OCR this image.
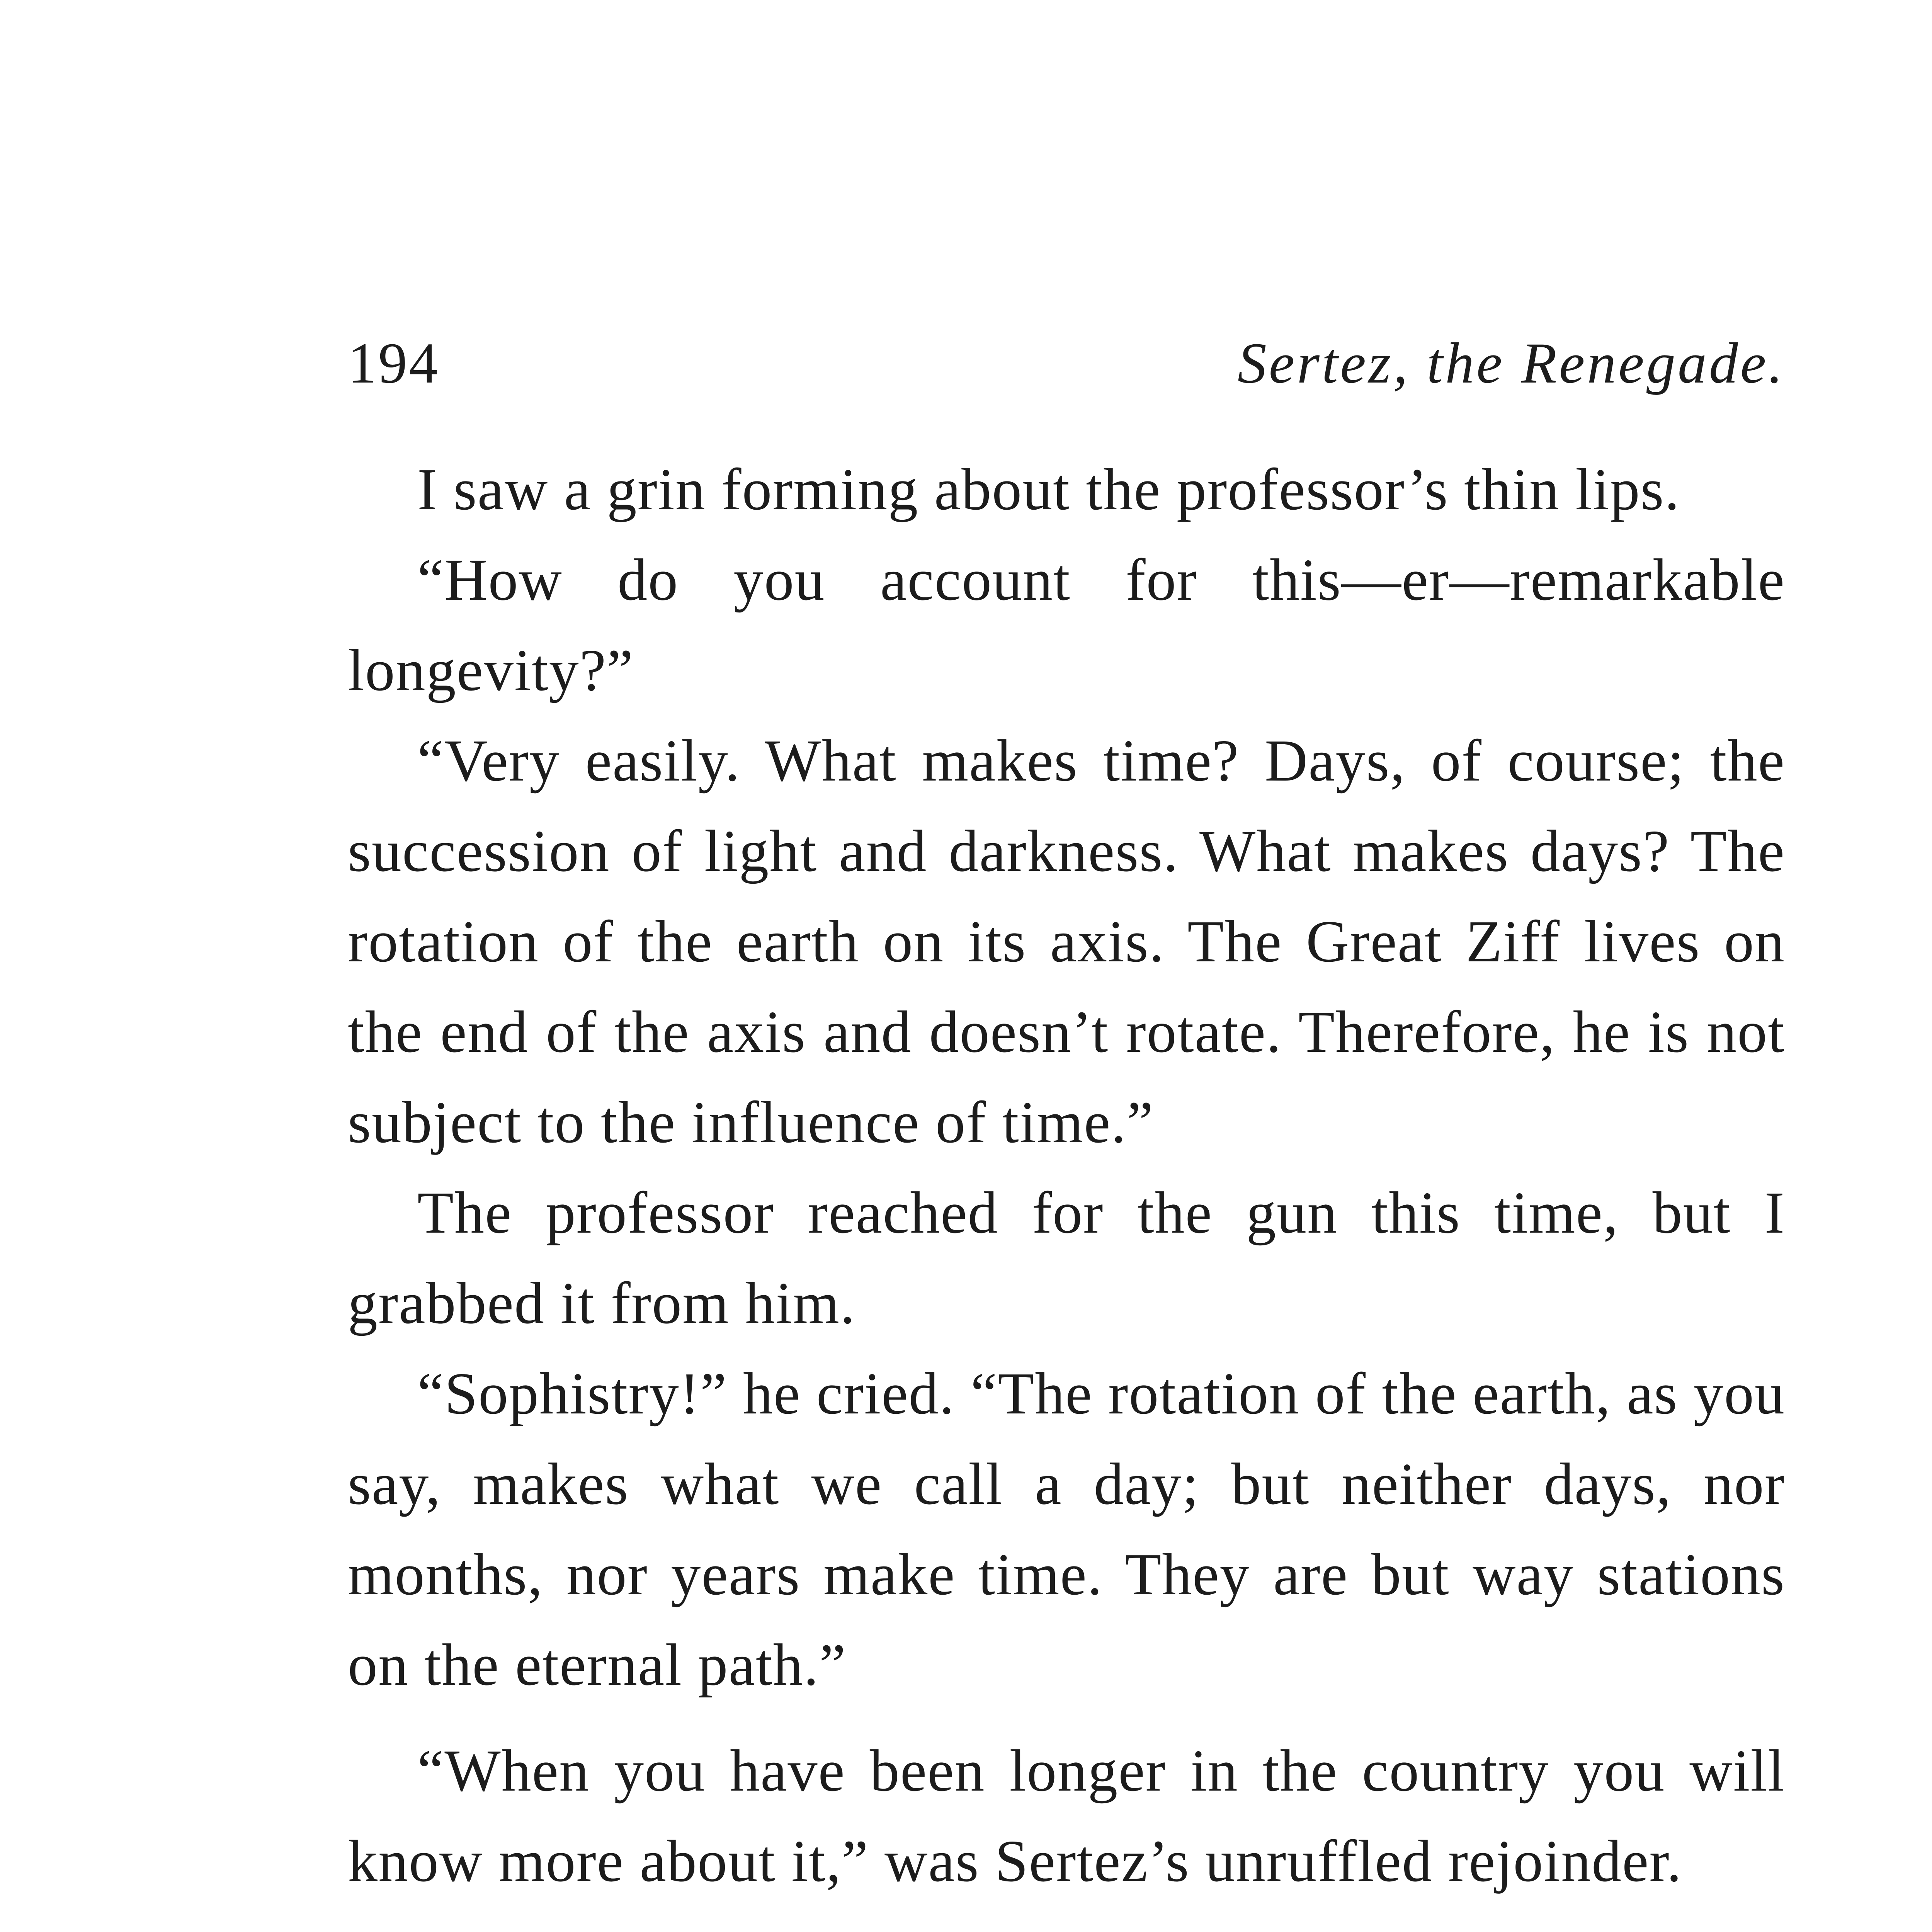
194	Sertez, the Renegade.

I saw a grin forming about the professor’s thin lips.

“How do you account for this—er—remarkable longevity?”

“Very easily. What makes time? Days, of course; the succession of light and darkness. What makes days? The rotation of the earth on its axis. The Great Ziff lives on the end of the axis and doesn’t rotate. Therefore, he is not subject to the influence of time.”

The professor reached for the gun this time, but I grabbed it from him.

“Sophistry!” he cried. “The rotation of the earth, as you say, makes what we call a day; but neither days, nor months, nor years make time. They are but way stations on the eternal path.”

“When you have been longer in the country you will know more about it,” was Sertez’s unruffled rejoinder.
